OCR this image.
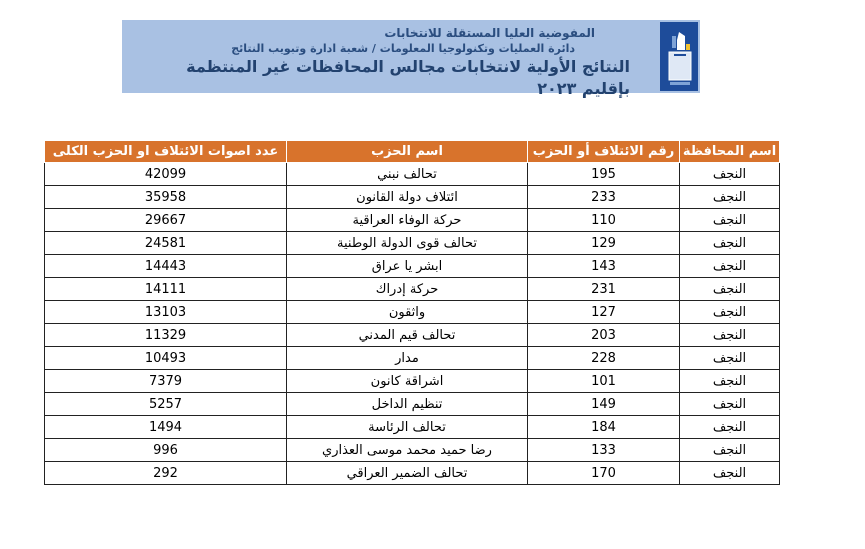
المفوضية العليا المستقلة للانتخابات
دائرة العمليات وتكنولوجيا المعلومات / شعبة ادارة وتبويب النتائج
النتائج الأولية لانتخابات مجالس المحافظات غير المنتظمة بإقليم ٢٠٢٣
اسم المحافظة	رقم الائتلاف أو الحزب	اسم الحزب	عدد اصوات الائتلاف او الحزب الكلى
النجف	195	تحالف نبني	42099
النجف	233	ائتلاف دولة القانون	35958
النجف	110	حركة الوفاء العراقية	29667
النجف	129	تحالف قوى الدولة الوطنية	24581
النجف	143	ابشر يا عراق	14443
النجف	231	حركة إدراك	14111
النجف	127	واثقون	13103
النجف	203	تحالف قيم المدني	11329
النجف	228	مدار	10493
النجف	101	اشراقة كانون	7379
النجف	149	تنظيم الداخل	5257
النجف	184	تحالف الرئاسة	1494
النجف	133	رضا حميد محمد موسى العذاري	996
النجف	170	تحالف الضمير العراقي	292
